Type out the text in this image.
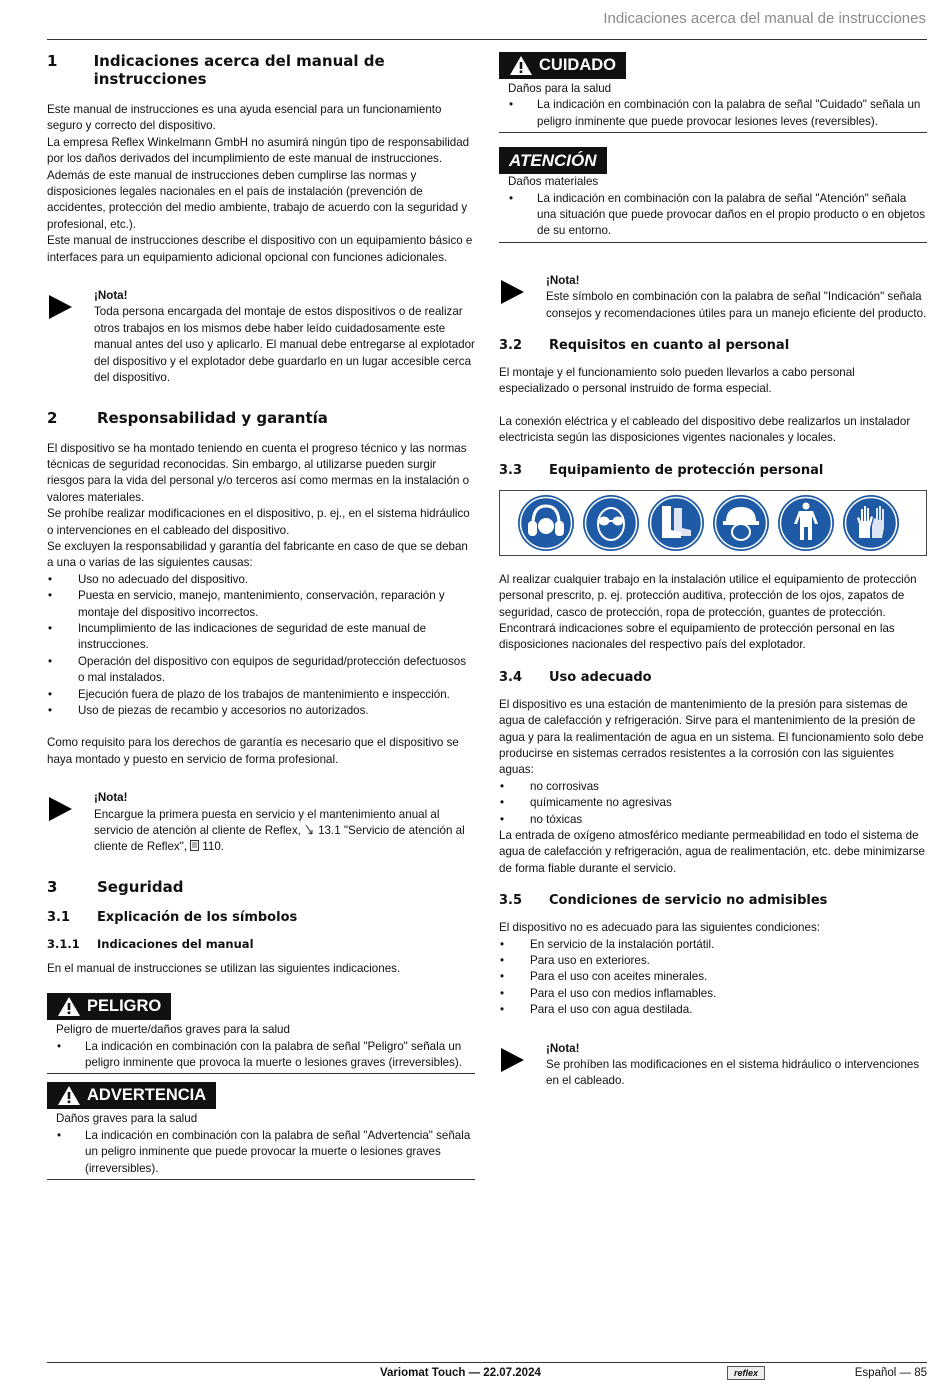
Indicaciones acerca del manual de instrucciones
1	Indicaciones acerca del manual de instrucciones

Este manual de instrucciones es una ayuda esencial para un funcionamiento seguro y correcto del dispositivo.

La empresa Reflex Winkelmann GmbH no asumirá ningún tipo de responsabilidad por los daños derivados del incumplimiento de este manual de instrucciones.

Además de este manual de instrucciones deben cumplirse las normas y disposiciones legales nacionales en el país de instalación (prevención de accidentes, protección del medio ambiente, trabajo de acuerdo con la seguridad y profesional, etc.).

Este manual de instrucciones describe el dispositivo con un equipamiento básico e interfaces para un equipamiento adicional opcional con funciones adicionales.

¡Nota!

Toda persona encargada del montaje de estos dispositivos o de realizar otros trabajos en los mismos debe haber leído cuidadosamente este manual antes del uso y aplicarlo. El manual debe entregarse al explotador del dispositivo y el explotador debe guardarlo en un lugar accesible cerca del dispositivo.

2	Responsabilidad y garantía

El dispositivo se ha montado teniendo en cuenta el progreso técnico y las normas técnicas de seguridad reconocidas. Sin embargo, al utilizarse pueden surgir riesgos para la vida del personal y/o terceros así como mermas en la instalación o valores materiales.

Se prohíbe realizar modificaciones en el dispositivo, p. ej., en el sistema hidráulico o intervenciones en el cableado del dispositivo.

Se excluyen la responsabilidad y garantía del fabricante en caso de que se deban a una o varias de las siguientes causas:

• Uso no adecuado del dispositivo.
• Puesta en servicio, manejo, mantenimiento, conservación, reparación y montaje del dispositivo incorrectos.
• Incumplimiento de las indicaciones de seguridad de este manual de instrucciones.
• Operación del dispositivo con equipos de seguridad/protección defectuosos o mal instalados.
• Ejecución fuera de plazo de los trabajos de mantenimiento e inspección.
• Uso de piezas de recambio y accesorios no autorizados.

Como requisito para los derechos de garantía es necesario que el dispositivo se haya montado y puesto en servicio de forma profesional.

¡Nota!

Encargue la primera puesta en servicio y el mantenimiento anual al servicio de atención al cliente de Reflex, 13.1 "Servicio de atención al cliente de Reflex", 110.

3	Seguridad
3.1	Explicación de los símbolos
3.1.1	Indicaciones del manual

En el manual de instrucciones se utilizan las siguientes indicaciones.

PELIGRO

Peligro de muerte/daños graves para la salud

• La indicación en combinación con la palabra de señal "Peligro" señala un peligro inminente que provoca la muerte o lesiones graves (irreversibles).
ADVERTENCIA

Daños graves para la salud

• La indicación en combinación con la palabra de señal "Advertencia" señala un peligro inminente que puede provocar la muerte o lesiones graves (irreversibles).
CUIDADO

Daños para la salud

• La indicación en combinación con la palabra de señal "Cuidado" señala un peligro inminente que puede provocar lesiones leves (reversibles).
ATENCIÓN

Daños materiales

• La indicación en combinación con la palabra de señal "Atención" señala una situación que puede provocar daños en el propio producto o en objetos de su entorno.

¡Nota!

Este símbolo en combinación con la palabra de señal "Indicación" señala consejos y recomendaciones útiles para un manejo eficiente del producto.

3.2	Requisitos en cuanto al personal

El montaje y el funcionamiento solo pueden llevarlos a cabo personal especializado o personal instruido de forma especial.

La conexión eléctrica y el cableado del dispositivo debe realizarlos un instalador electricista según las disposiciones vigentes nacionales y locales.

3.3	Equipamiento de protección personal

Al realizar cualquier trabajo en la instalación utilice el equipamiento de protección personal prescrito, p. ej. protección auditiva, protección de los ojos, zapatos de seguridad, casco de protección, ropa de protección, guantes de protección.

Encontrará indicaciones sobre el equipamiento de protección personal en las disposiciones nacionales del respectivo país del explotador.

3.4	Uso adecuado

El dispositivo es una estación de mantenimiento de la presión para sistemas de agua de calefacción y refrigeración. Sirve para el mantenimiento de la presión de agua y para la realimentación de agua en un sistema. El funcionamiento solo debe producirse en sistemas cerrados resistentes a la corrosión con las siguientes aguas:

• no corrosivas
• químicamente no agresivas
• no tóxicas

La entrada de oxígeno atmosférico mediante permeabilidad en todo el sistema de agua de calefacción y refrigeración, agua de realimentación, etc. debe minimizarse de forma fiable durante el servicio.

3.5	Condiciones de servicio no admisibles

El dispositivo no es adecuado para las siguientes condiciones:

• En servicio de la instalación portátil.
• Para uso en exteriores.
• Para el uso con aceites minerales.
• Para el uso con medios inflamables.
• Para el uso con agua destilada.

¡Nota!

Se prohíben las modificaciones en el sistema hidráulico o intervenciones en el cableado.

Variomat Touch — 22.07.2024	reflex	Español — 85
